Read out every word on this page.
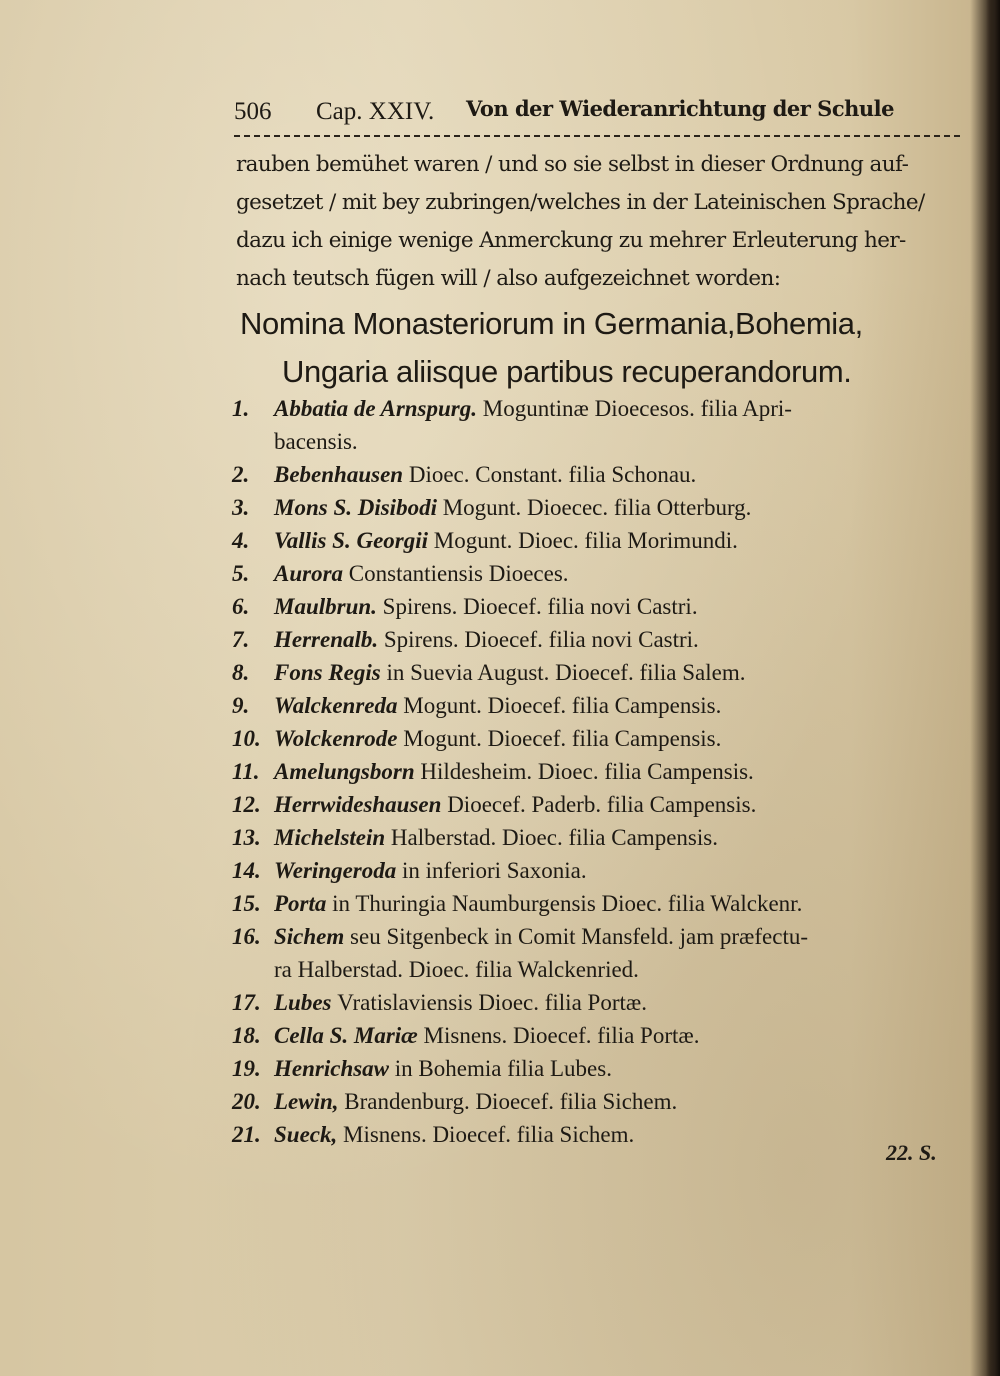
506 Cap. XXIV. Von der Wiederanrichtung der Schule
rauben bemühet waren / und so sie selbst in dieser Ordnung auf-
gesetzet / mit bey zubringen/welches in der Lateinischen Sprache/
dazu ich einige wenige Anmerckung zu mehrer Erleuterung her-
nach teutsch fügen will / also aufgezeichnet worden:
Nomina Monasteriorum in Germania,Bohemia,
Ungaria aliisque partibus recuperandorum.
1.	Abbatia de Arnspurg. Moguntinæ Dioecesos. filia Apri-
bacensis.
2.	Bebenhausen Dioec. Constant. filia Schonau.
3.	Mons S. Disibodi Mogunt. Dioecec. filia Otterburg.
4.	Vallis S. Georgii Mogunt. Dioec. filia Morimundi.
5.	Aurora Constantiensis Dioeces.
6.	Maulbrun. Spirens. Dioecef. filia novi Castri.
7.	Herrenalb. Spirens. Dioecef. filia novi Castri.
8.	Fons Regis in Suevia August. Dioecef. filia Salem.
9.	Walckenreda Mogunt. Dioecef. filia Campensis.
10. Wolckenrode Mogunt. Dioecef. filia Campensis.
11. Amelungsborn Hildesheim. Dioec. filia Campensis.
12. Herrwideshausen Dioecef. Paderb. filia Campensis.
13. Michelstein Halberstad. Dioec. filia Campensis.
14. Weringeroda in inferiori Saxonia.
15. Porta in Thuringia Naumburgensis Dioec. filia Walckenr.
16. Sichem seu Sitgenbeck in Comit Mansfeld. jam præfectu-
ra Halberstad. Dioec. filia Walckenried.
17. Lubes Vratislaviensis Dioec. filia Portæ.
18. Cella S. Mariæ Misnens. Dioecef. filia Portæ.
19. Henrichsaw in Bohemia filia Lubes.
20. Lewin, Brandenburg. Dioecef. filia Sichem.
21. Sueck, Misnens. Dioecef. filia Sichem.
22. S.
